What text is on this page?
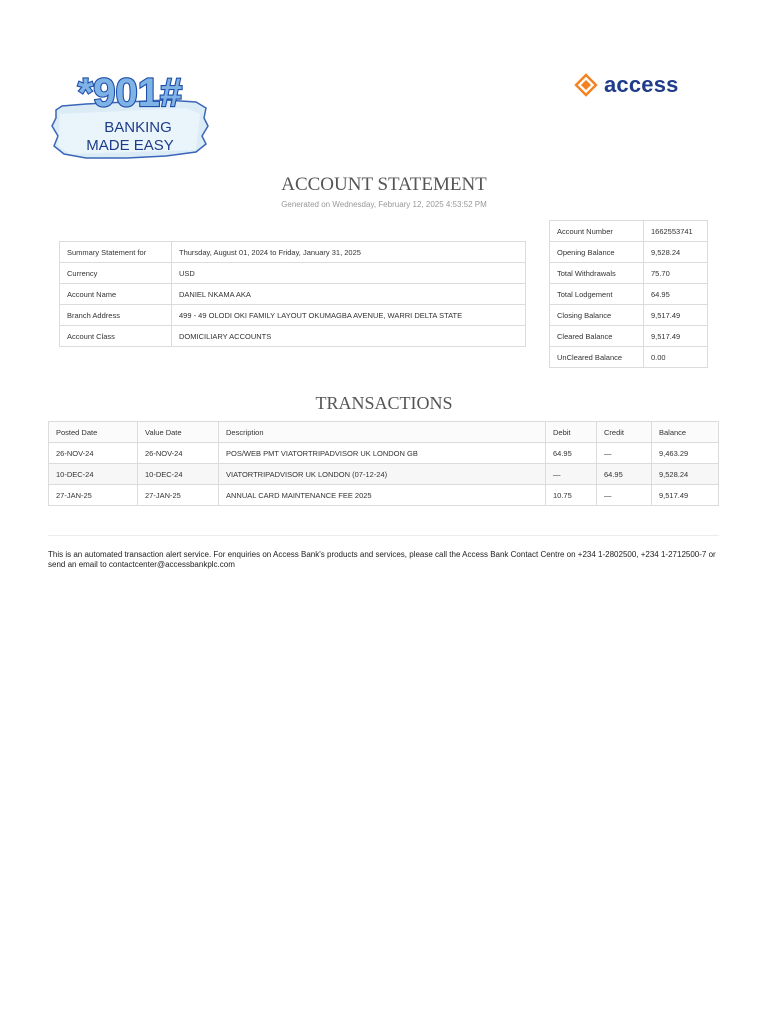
*901#
BANKING
MADE EASY
access
ACCOUNT STATEMENT
Generated on Wednesday, February 12, 2025 4:53:52 PM
Summary Statement for	Thursday, August 01, 2024 to Friday, January 31, 2025
Currency	USD
Account Name	DANIEL NKAMA AKA
Branch Address	499 - 49 OLODI OKI FAMILY LAYOUT OKUMAGBA AVENUE, WARRI DELTA STATE
Account Class	DOMICILIARY ACCOUNTS
Account Number	1662553741
Opening Balance	9,528.24
Total Withdrawals	75.70
Total Lodgement	64.95
Closing Balance	9,517.49
Cleared Balance	9,517.49
UnCleared Balance	0.00
TRANSACTIONS
Posted Date	Value Date	Description	Debit	Credit	Balance
26-NOV-24	26-NOV-24	POS/WEB PMT VIATORTRIPADVISOR UK LONDON GB	64.95	—	9,463.29
10-DEC-24	10-DEC-24	VIATORTRIPADVISOR UK LONDON (07-12-24)	—	64.95	9,528.24
27-JAN-25	27-JAN-25	ANNUAL CARD MAINTENANCE FEE 2025	10.75	—	9,517.49
This is an automated transaction alert service. For enquiries on Access Bank's products and services, please call the Access Bank Contact Centre on +234 1-2802500, +234 1-2712500-7 or send an email to contactcenter@accessbankplc.com
